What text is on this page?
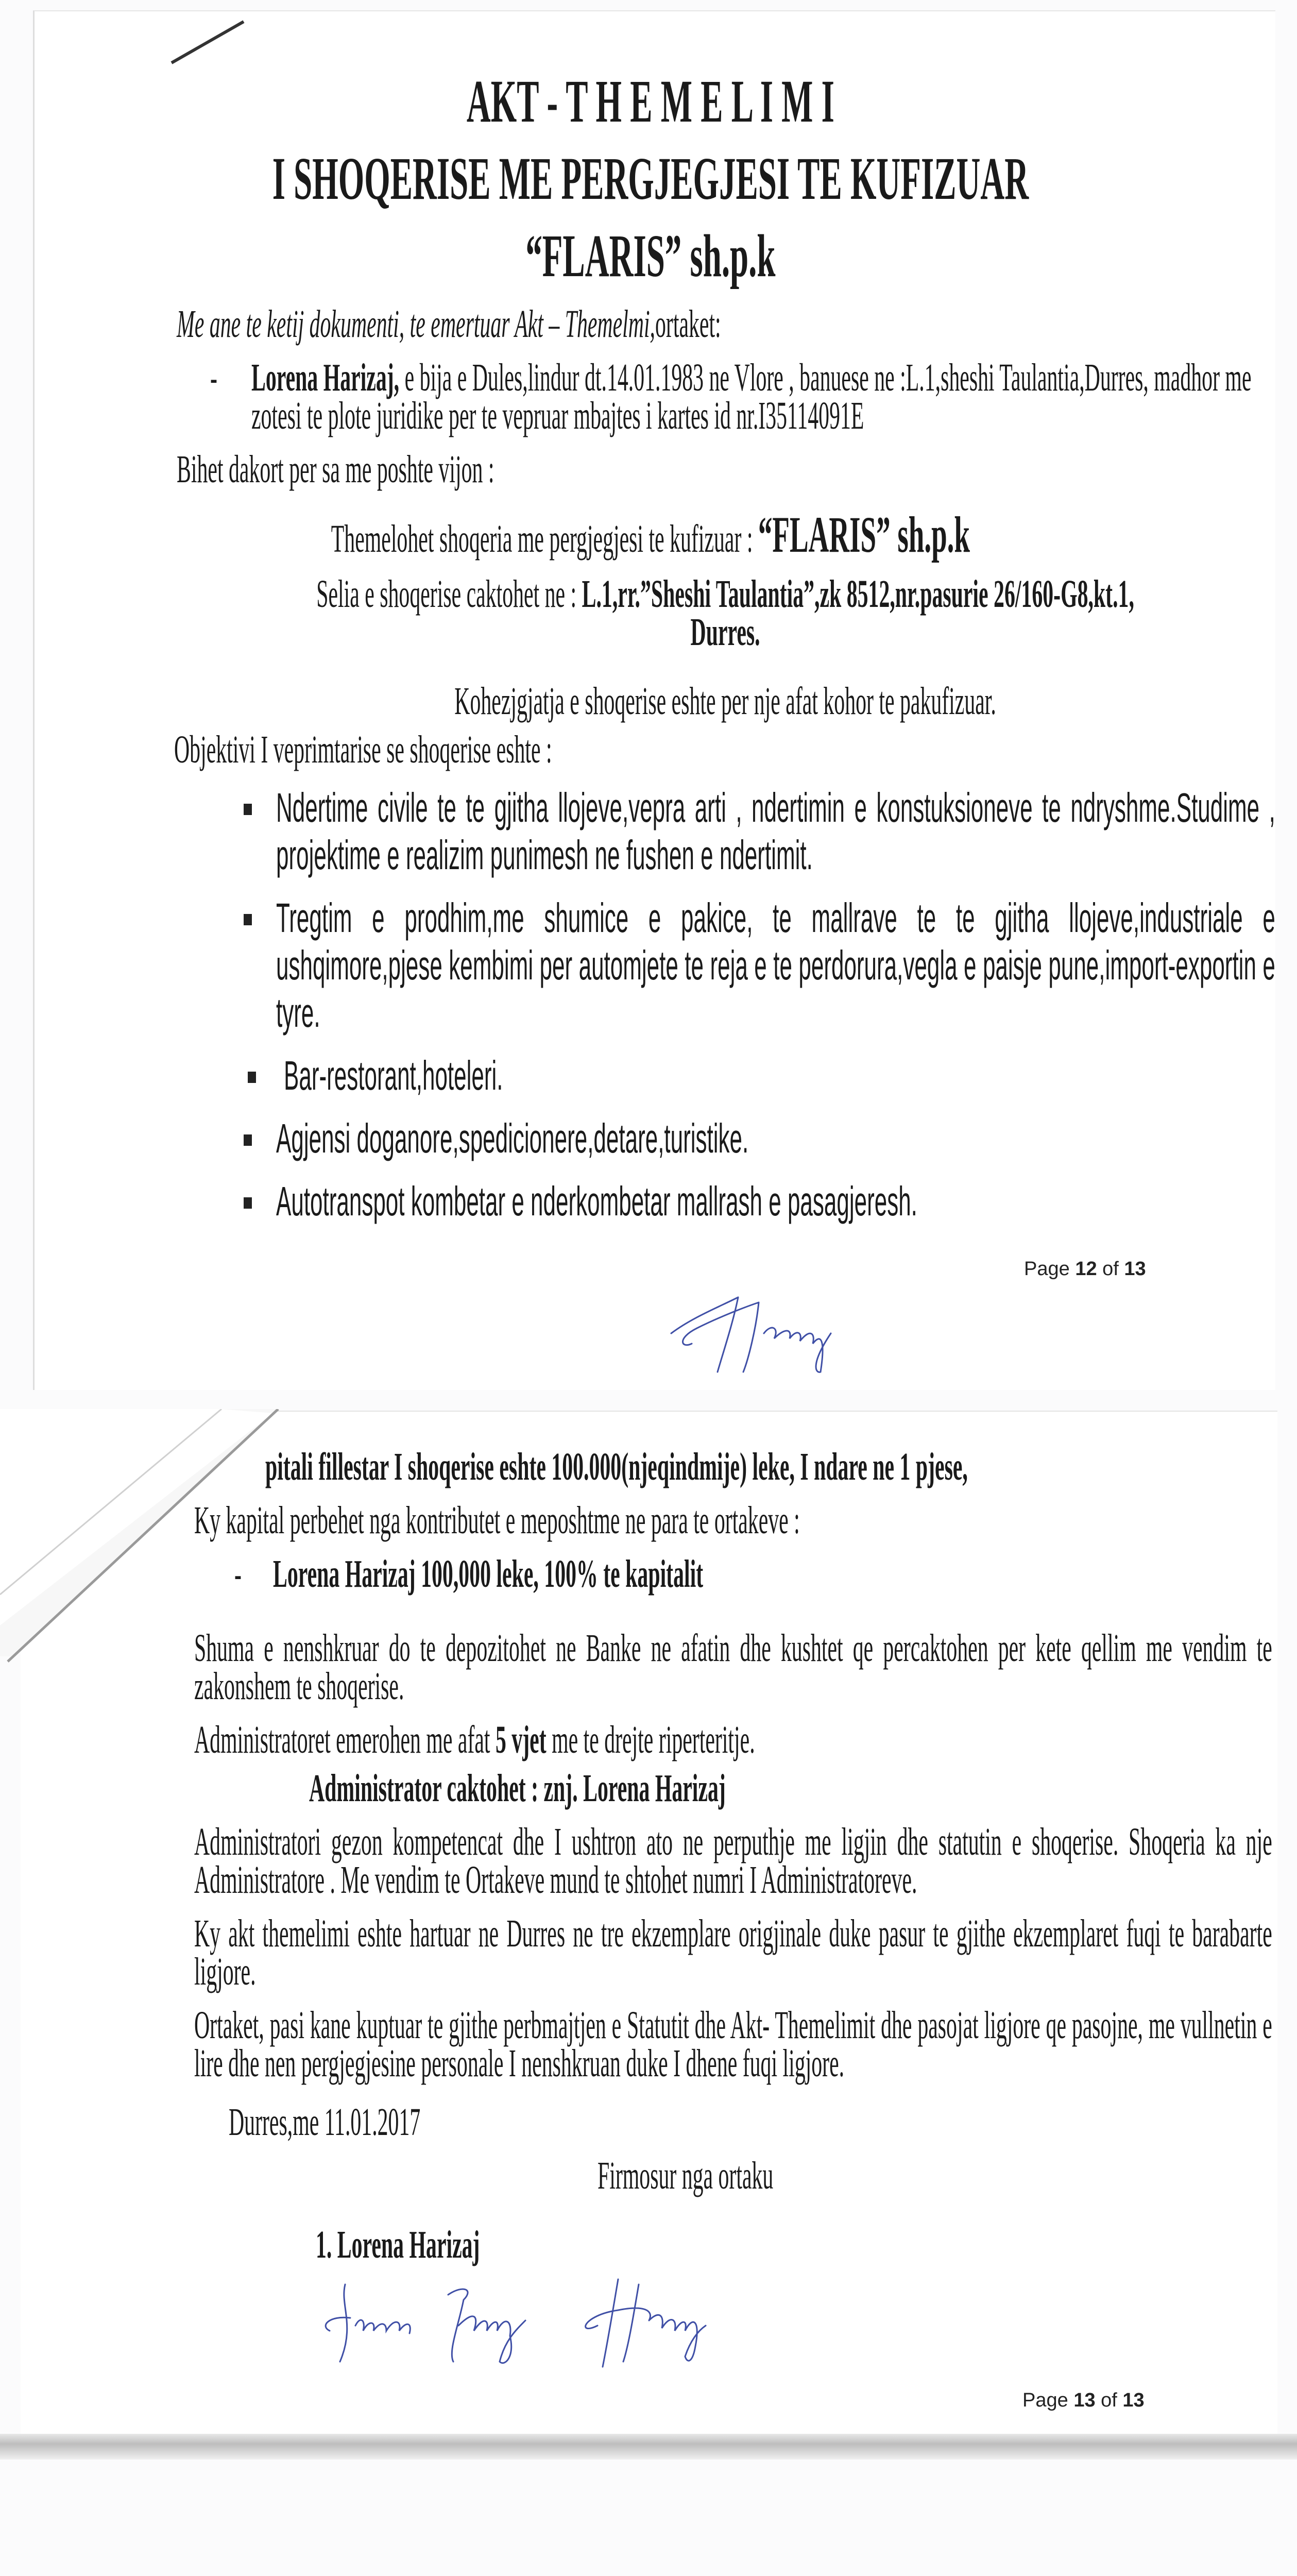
AKT - T H E M E L I M I
I SHOQERISE ME PERGJEGJESI TE KUFIZUAR
“FLARIS” sh.p.k
Me ane te ketij dokumenti, te emertuar Akt – Themelmi,ortaket:
- Lorena Harizaj, e bija e Dules,lindur dt.14.01.1983 ne Vlore , banuese ne :L.1,sheshi Taulantia,Durres, madhor me zotesi te plote juridike per te vepruar mbajtes i kartes id nr.I35114091E
Bihet dakort per sa me poshte vijon :
Themelohet shoqeria me pergjegjesi te kufizuar : “FLARIS” sh.p.k
Selia e shoqerise caktohet ne : L.1,rr.”Sheshi Taulantia”,zk 8512,nr.pasurie 26/160-G8,kt.1,
Durres.
Kohezjgjatja e shoqerise eshte per nje afat kohor te pakufizuar.
Objektivi I veprimtarise se shoqerise eshte :
Ndertime civile te te gjitha llojeve,vepra arti , ndertimin e konstuksioneve te ndryshme.Studime , projektime e realizim punimesh ne fushen e ndertimit.
Tregtim e prodhim,me shumice e pakice, te mallrave te te gjitha llojeve,industriale e ushqimore,pjese kembimi per automjete te reja e te perdorura,vegla e paisje pune,import-exportin e tyre.
Bar-restorant,hoteleri.
Agjensi doganore,spedicionere,detare,turistike.
Autotranspot kombetar e nderkombetar mallrash e pasagjeresh.
Page 12 of 13
pitali fillestar I shoqerise eshte 100.000(njeqindmije) leke, I ndare ne 1 pjese,
Ky kapital perbehet nga kontributet e meposhtme ne para te ortakeve :
- Lorena Harizaj 100,000 leke, 100% te kapitalit
Shuma e nenshkruar do te depozitohet ne Banke ne afatin dhe kushtet qe percaktohen per kete qellim me vendim te zakonshem te shoqerise.
Administratoret emerohen me afat 5 vjet me te drejte riperteritje.
Administrator caktohet : znj. Lorena Harizaj
Administratori gezon kompetencat dhe I ushtron ato ne perputhje me ligjin dhe statutin e shoqerise. Shoqeria ka nje Administratore . Me vendim te Ortakeve mund te shtohet numri I Administratoreve.
Ky akt themelimi eshte hartuar ne Durres ne tre ekzemplare origjinale duke pasur te gjithe ekzemplaret fuqi te barabarte ligjore.
Ortaket, pasi kane kuptuar te gjithe perbmajtjen e Statutit dhe Akt- Themelimit dhe pasojat ligjore qe pasojne, me vullnetin e lire dhe nen pergjegjesine personale I nenshkruan duke I dhene fuqi ligjore.
Durres,me 11.01.2017
Firmosur nga ortaku
1. Lorena Harizaj
Page 13 of 13
